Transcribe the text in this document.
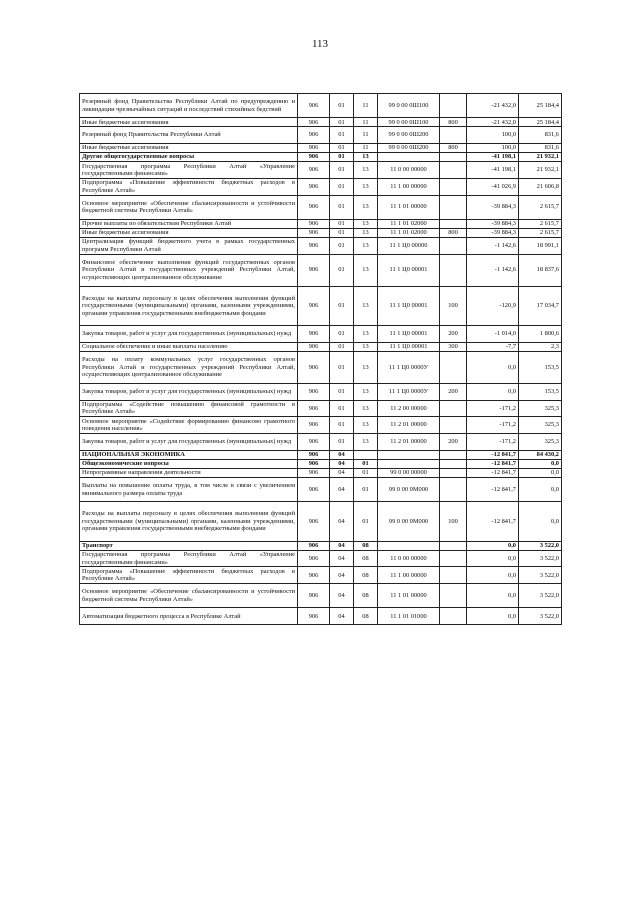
113
Резервный фонд Правительства Республики Алтай по предупреждению и ликвидации чрезвычайных ситуаций и последствий стихийных бедствий	906	01	11	99 0 00 0Ш100		-21 432,0	25 184,4
Иные бюджетные ассигнования	906	01	11	99 0 00 0Ш100	800	-21 432,0	25 184,4
Резервный фонд Правительства Республики Алтай	906	01	11	99 0 00 0Ш200		100,0	831,6
Иные бюджетные ассигнования	906	01	11	99 0 00 0Ш200	800	100,0	831,6
Другие общегосударственные вопросы	906	01	13			-41 198,1	21 932,1
Государственная программа Республики Алтай «Управление государственными финансами»	906	01	13	11 0 00 00000		-41 198,1	21 932,1
Подпрограмма «Повышение эффективности бюджетных расходов в Республике Алтай»	906	01	13	11 1 00 00000		-41 026,9	21 606,8
Основное мероприятие «Обеспечение сбалансированности и устойчивости бюджетной системы Республики Алтай»	906	01	13	11 1 01 00000		-39 884,3	2 615,7
Прочие выплаты по обязательствам Республики Алтай	906	01	13	11 1 01 02000		-39 884,3	2 615,7
Иные бюджетные ассигнования	906	01	13	11 1 01 02000	800	-39 884,3	2 615,7
Централизация функций бюджетного учета в рамках государственных программ Республики Алтай	906	01	13	11 1 Ц0 00000		-1 142,6	18 991,1
Финансовое обеспечение выполнения функций государственных органов Республики Алтай и государственных учреждений Республики Алтай, осуществляющих централизованное обслуживание	906	01	13	11 1 Ц0 00001		-1 142,6	18 837,6
Расходы на выплаты персоналу в целях обеспечения выполнения функций государственными (муниципальными) органами, казенными учреждениями, органами управления государственными внебюджетными фондами	906	01	13	11 1 Ц0 00001	100	-120,9	17 034,7
Закупка товаров, работ и услуг для государственных (муниципальных) нужд	906	01	13	11 1 Ц0 00001	200	-1 014,0	1 800,6
Социальное обеспечение и иные выплаты населению	906	01	13	11 1 Ц0 00001	300	-7,7	2,3
Расходы на оплату коммунальных услуг государственных органов Республики Алтай и государственных учреждений Республики Алтай, осуществляющих централизованное обслуживание	906	01	13	11 1 Ц0 0000У		0,0	153,5
Закупка товаров, работ и услуг для государственных (муниципальных) нужд	906	01	13	11 1 Ц0 0000У	200	0,0	153,5
Подпрограмма «Содействие повышению финансовой грамотности в Республике Алтай»	906	01	13	11 2 00 00000		-171,2	325,3
Основное мероприятие «Содействие формированию финансово грамотного поведения населения»	906	01	13	11 2 01 00000		-171,2	325,3
Закупка товаров, работ и услуг для государственных (муниципальных) нужд	906	01	13	11 2 01 00000	200	-171,2	325,3
НАЦИОНАЛЬНАЯ ЭКОНОМИКА	906	04				-12 841,7	84 430,2
Общеэкономические вопросы	906	04	01			-12 841,7	0,0
Непрограммные направления деятельности	906	04	01	99 0 00 00000		-12 841,7	0,0
Выплаты на повышение оплаты труда, в том числе в связи с увеличением минимального размера оплаты труда	906	04	01	99 0 00 0М000		-12 841,7	0,0
Расходы на выплаты персоналу в целях обеспечения выполнения функций государственными (муниципальными) органами, казенными учреждениями, органами управления государственными внебюджетными фондами	906	04	01	99 0 00 0М000	100	-12 841,7	0,0
Транспорт	906	04	08			0,0	3 522,0
Государственная программа Республики Алтай «Управление государственными финансами»	906	04	08	11 0 00 00000		0,0	3 522,0
Подпрограмма «Повышение эффективности бюджетных расходов в Республике Алтай»	906	04	08	11 1 00 00000		0,0	3 522,0
Основное мероприятие «Обеспечение сбалансированности и устойчивости бюджетной системы Республики Алтай»	906	04	08	11 1 01 00000		0,0	3 522,0
Автоматизация бюджетного процесса в Республике Алтай	906	04	08	11 1 01 01000		0,0	3 522,0
